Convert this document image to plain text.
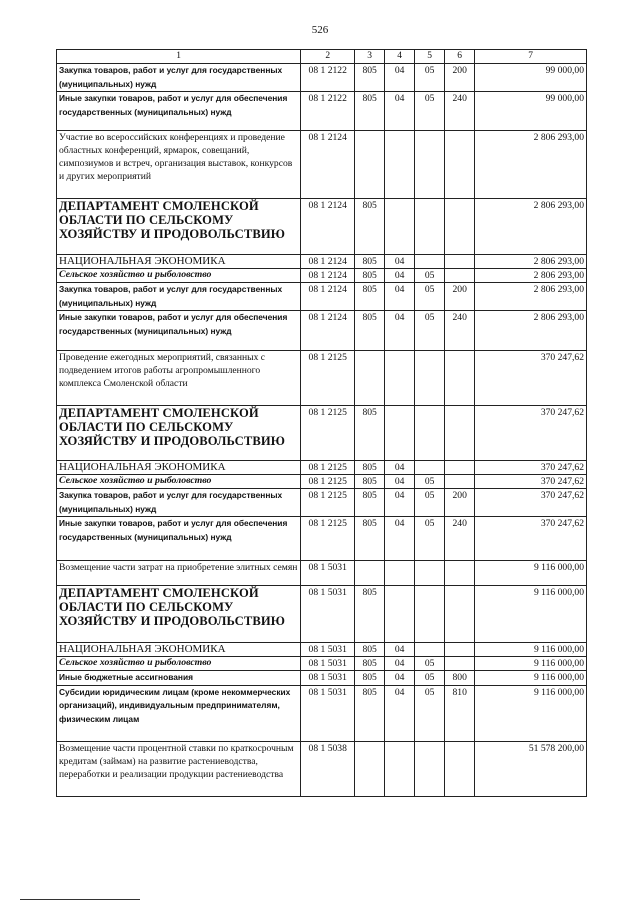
526
1	2	3	4	5	6	7
Закупка товаров, работ и услуг для государственных (муниципальных) нужд	08 1 2122	805	04	05	200	99 000,00
Иные закупки товаров, работ и услуг для обеспечения государственных (муниципальных) нужд	08 1 2122	805	04	05	240	99 000,00
Участие во всероссийских конференциях и проведение областных конференций, ярмарок, совещаний, симпозиумов и встреч, организация выставок, конкурсов и других мероприятий	08 1 2124					2 806 293,00
ДЕПАРТАМЕНТ СМОЛЕНСКОЙ ОБЛАСТИ ПО СЕЛЬСКОМУ ХОЗЯЙСТВУ И ПРОДОВОЛЬСТВИЮ	08 1 2124	805				2 806 293,00
НАЦИОНАЛЬНАЯ ЭКОНОМИКА	08 1 2124	805	04			2 806 293,00
Сельское хозяйство и рыболовство	08 1 2124	805	04	05		2 806 293,00
Закупка товаров, работ и услуг для государственных (муниципальных) нужд	08 1 2124	805	04	05	200	2 806 293,00
Иные закупки товаров, работ и услуг для обеспечения государственных (муниципальных) нужд	08 1 2124	805	04	05	240	2 806 293,00
Проведение ежегодных мероприятий, связанных с подведением итогов работы агропромышленного комплекса Смоленской области	08 1 2125					370 247,62
ДЕПАРТАМЕНТ СМОЛЕНСКОЙ ОБЛАСТИ ПО СЕЛЬСКОМУ ХОЗЯЙСТВУ И ПРОДОВОЛЬСТВИЮ	08 1 2125	805				370 247,62
НАЦИОНАЛЬНАЯ ЭКОНОМИКА	08 1 2125	805	04			370 247,62
Сельское хозяйство и рыболовство	08 1 2125	805	04	05		370 247,62
Закупка товаров, работ и услуг для государственных (муниципальных) нужд	08 1 2125	805	04	05	200	370 247,62
Иные закупки товаров, работ и услуг для обеспечения государственных (муниципальных) нужд	08 1 2125	805	04	05	240	370 247,62
Возмещение части затрат на приобретение элитных семян	08 1 5031					9 116 000,00
ДЕПАРТАМЕНТ СМОЛЕНСКОЙ ОБЛАСТИ ПО СЕЛЬСКОМУ ХОЗЯЙСТВУ И ПРОДОВОЛЬСТВИЮ	08 1 5031	805				9 116 000,00
НАЦИОНАЛЬНАЯ ЭКОНОМИКА	08 1 5031	805	04			9 116 000,00
Сельское хозяйство и рыболовство	08 1 5031	805	04	05		9 116 000,00
Иные бюджетные ассигнования	08 1 5031	805	04	05	800	9 116 000,00
Субсидии юридическим лицам (кроме некоммерческих организаций), индивидуальным предпринимателям, физическим лицам	08 1 5031	805	04	05	810	9 116 000,00
Возмещение части процентной ставки по краткосрочным кредитам (займам) на развитие растениеводства, переработки и реализации продукции растениеводства	08 1 5038					51 578 200,00
